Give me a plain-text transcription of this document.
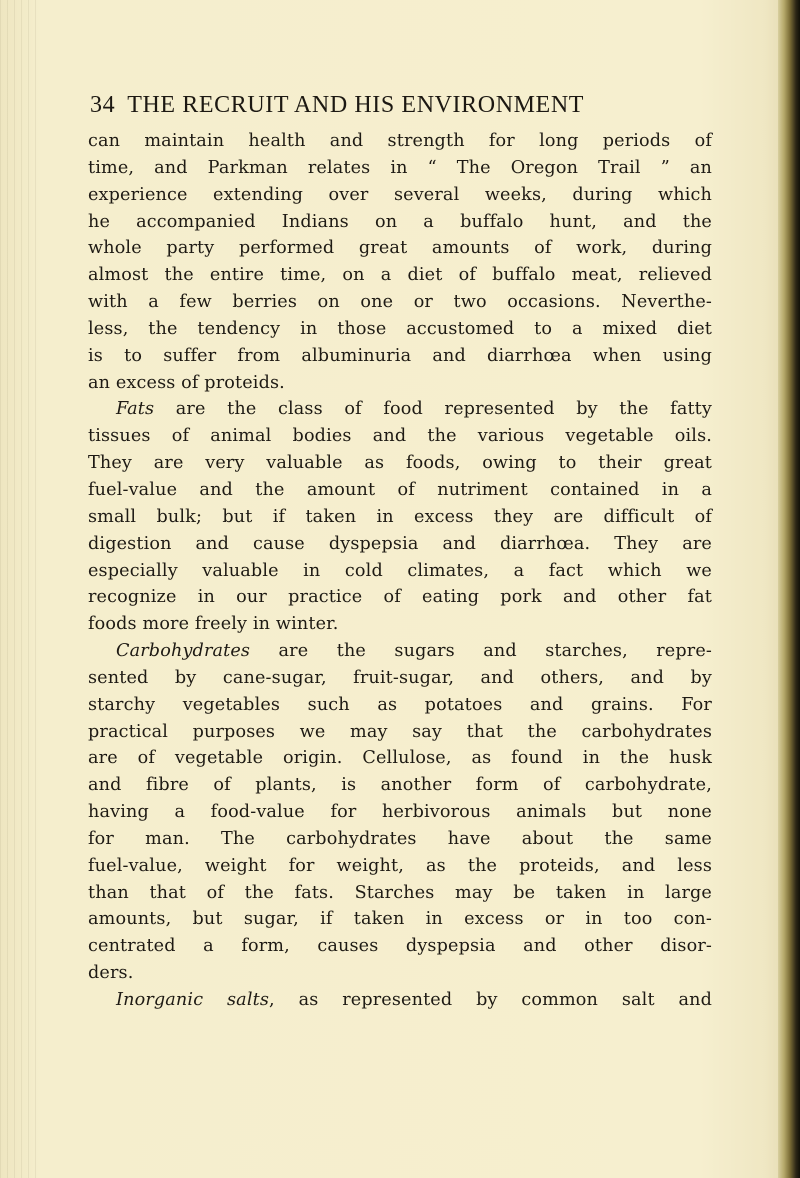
34 THE RECRUIT AND HIS ENVIRONMENT
can maintain health and strength for long periods of
time, and Parkman relates in “ The Oregon Trail ” an
experience extending over several weeks, during which
he accompanied Indians on a buffalo hunt, and the
whole party performed great amounts of work, during
almost the entire time, on a diet of buffalo meat, relieved
with a few berries on one or two occasions. Neverthe-
less, the tendency in those accustomed to a mixed diet
is to suffer from albuminuria and diarrhœa when using
an excess of proteids.
Fats are the class of food represented by the fatty
tissues of animal bodies and the various vegetable oils.
They are very valuable as foods, owing to their great
fuel-value and the amount of nutriment contained in a
small bulk; but if taken in excess they are difficult of
digestion and cause dyspepsia and diarrhœa. They are
especially valuable in cold climates, a fact which we
recognize in our practice of eating pork and other fat
foods more freely in winter.
Carbohydrates are the sugars and starches, repre-
sented by cane-sugar, fruit-sugar, and others, and by
starchy vegetables such as potatoes and grains. For
practical purposes we may say that the carbohydrates
are of vegetable origin. Cellulose, as found in the husk
and fibre of plants, is another form of carbohydrate,
having a food-value for herbivorous animals but none
for man. The carbohydrates have about the same
fuel-value, weight for weight, as the proteids, and less
than that of the fats. Starches may be taken in large
amounts, but sugar, if taken in excess or in too con-
centrated a form, causes dyspepsia and other disor-
ders.
Inorganic salts, as represented by common salt and
